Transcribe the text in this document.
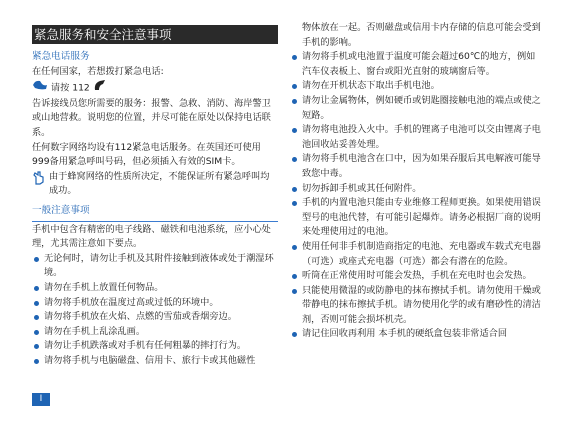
紧急服务和安全注意事项

紧急电话服务

在任何国家，若想拨打紧急电话:

请按 112

告诉接线员您所需要的服务：报警、急救、消防、海岸警卫或山地营救。说明您的位置，并尽可能在原处以保持电话联系。

任何数字网络均设有112紧急电话服务。在英国还可使用 999备用紧急呼叫号码，但必须插入有效的SIM卡。

由于蜂窝网络的性质所决定，不能保证所有紧急呼叫均成功。

一般注意事项

手机中包含有精密的电子线路、磁铁和电池系统，应小心处理，尤其需注意如下要点。

无论何时，请勿让手机及其附件接触到液体或处于潮湿环境。
请勿在手机上放置任何物品。
请勿将手机放在温度过高或过低的环境中。
请勿将手机放在火焰、点燃的雪茄或香烟旁边。
请勿在手机上乱涂乱画。
请勿让手机跌落或对手机有任何粗暴的摔打行为。
请勿将手机与电脑磁盘、信用卡、旅行卡或其他磁性

物体放在一起。否则磁盘或信用卡内存储的信息可能会受到手机的影响。

请勿将手机或电池置于温度可能会超过60℃的地方，例如汽车仪表板上、窗台或阳光直射的玻璃窗后等。
请勿在开机状态下取出手机电池。
请勿让金属物体，例如硬币或钥匙圈接触电池的端点或使之短路。
请勿将电池投入火中。手机的锂离子电池可以交由锂离子电池回收站妥善处理。
请勿将手机电池含在口中，因为如果吞服后其电解液可能导致您中毒。
切勿拆卸手机或其任何附件。
手机的内置电池只能由专业维修工程师更换。如果使用错误型号的电池代替，有可能引起爆炸。请务必根据厂商的说明来处理使用过的电池。
使用任何非手机制造商指定的电池、充电器或车载式充电器（可选）或座式充电器（可选）都会有潜在的危险。
听筒在正常使用时可能会发热，手机在充电时也会发热。
只能使用微湿的或防静电的抹布擦拭手机。请勿使用干燥或带静电的抹布擦拭手机。请勿使用化学的或有磨砂性的清洁剂，否则可能会损坏机壳。
请记住回收再利用 本手机的硬纸盒包装非常适合回
I
